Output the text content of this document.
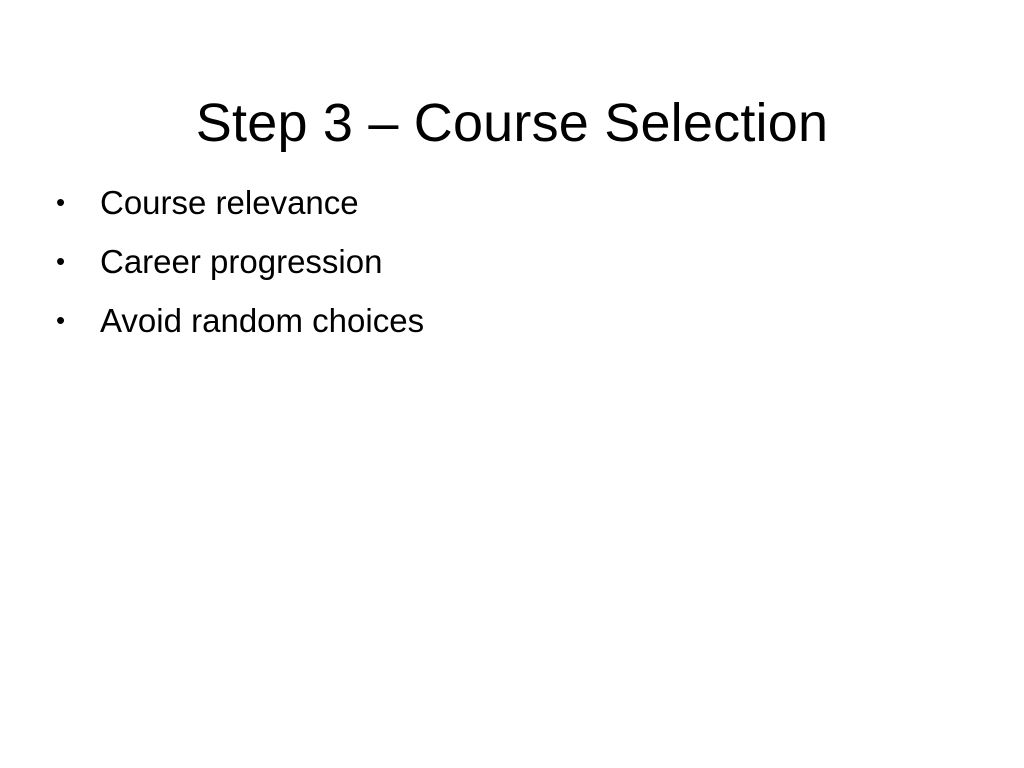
Step 3 – Course Selection
•	Course relevance
•	Career progression
•	Avoid random choices
